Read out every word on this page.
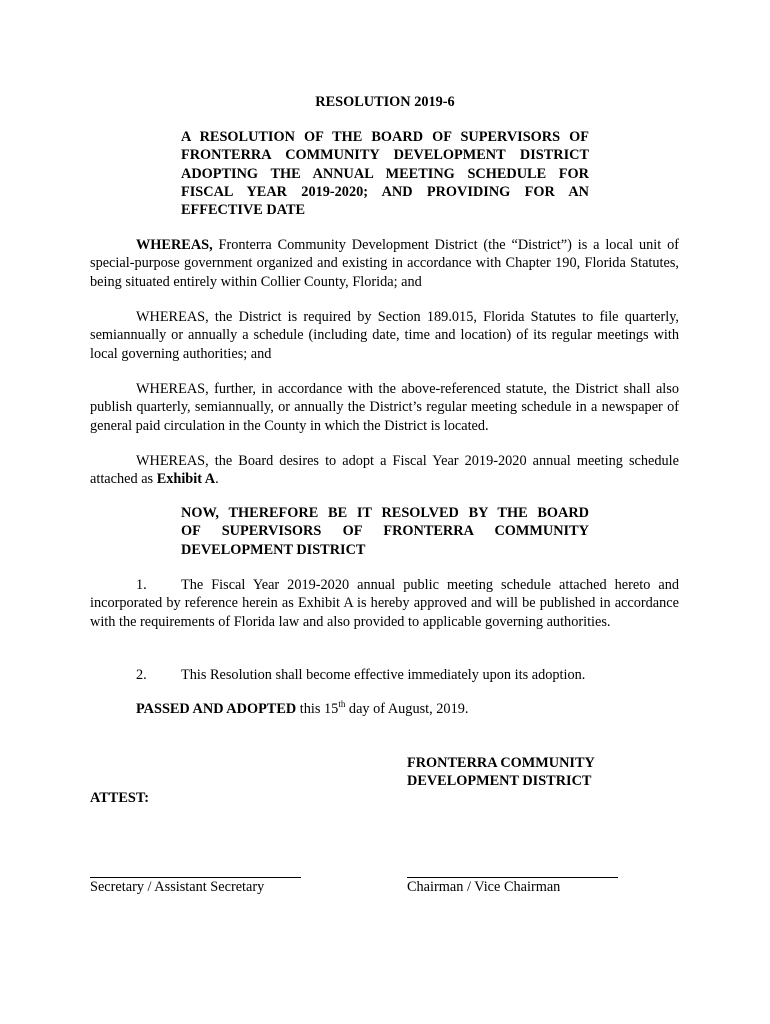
RESOLUTION 2019-6
A RESOLUTION OF THE BOARD OF SUPERVISORS OF
FRONTERRA COMMUNITY DEVELOPMENT DISTRICT
ADOPTING THE ANNUAL MEETING SCHEDULE FOR
FISCAL YEAR 2019-2020; AND PROVIDING FOR AN
EFFECTIVE DATE
WHEREAS, Fronterra Community Development District (the “District”) is a local unit of special-purpose government organized and existing in accordance with Chapter 190, Florida Statutes, being situated entirely within Collier County, Florida; and
WHEREAS, the District is required by Section 189.015, Florida Statutes to file quarterly, semiannually or annually a schedule (including date, time and location) of its regular meetings with local governing authorities; and
WHEREAS, further, in accordance with the above-referenced statute, the District shall also publish quarterly, semiannually, or annually the District’s regular meeting schedule in a newspaper of general paid circulation in the County in which the District is located.
WHEREAS, the Board desires to adopt a Fiscal Year 2019-2020 annual meeting schedule attached as Exhibit A.
NOW, THEREFORE BE IT RESOLVED BY THE BOARD
OF SUPERVISORS OF FRONTERRA COMMUNITY
DEVELOPMENT DISTRICT
1. The Fiscal Year 2019-2020 annual public meeting schedule attached hereto and incorporated by reference herein as Exhibit A is hereby approved and will be published in accordance with the requirements of Florida law and also provided to applicable governing authorities.
2. This Resolution shall become effective immediately upon its adoption.
PASSED AND ADOPTED this 15th day of August, 2019.
FRONTERRA COMMUNITY
DEVELOPMENT DISTRICT
ATTEST:
Secretary / Assistant Secretary	Chairman / Vice Chairman
